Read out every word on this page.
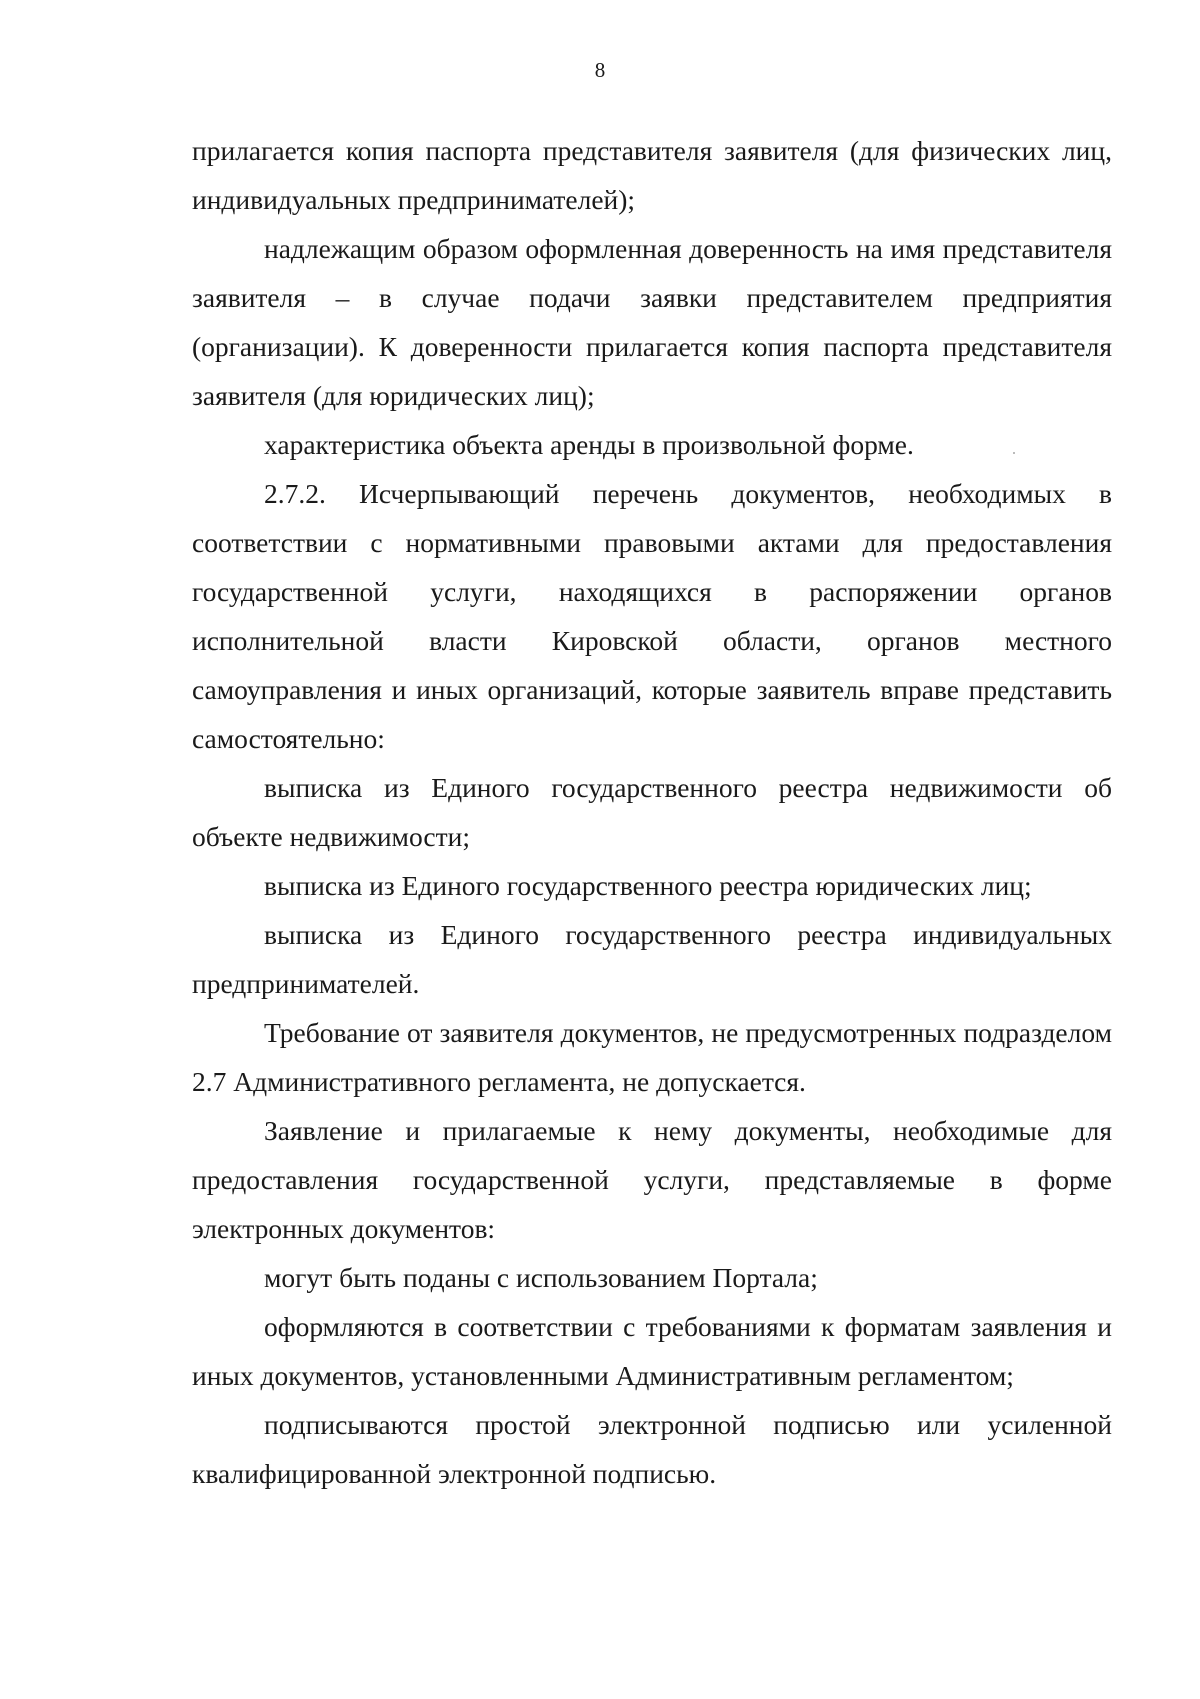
8

прилагается копия паспорта представителя заявителя (для физических лиц, индивидуальных предпринимателей);

надлежащим образом оформленная доверенность на имя представителя заявителя – в случае подачи заявки представителем предприятия (организации). К доверенности прилагается копия паспорта представителя заявителя (для юридических лиц);

характеристика объекта аренды в произвольной форме.

2.7.2. Исчерпывающий перечень документов, необходимых в соответствии с нормативными правовыми актами для предоставления государственной услуги, находящихся в распоряжении органов исполнительной власти Кировской области, органов местного самоуправления и иных организаций, которые заявитель вправе представить самостоятельно:

выписка из Единого государственного реестра недвижимости об объекте недвижимости;

выписка из Единого государственного реестра юридических лиц;

выписка из Единого государственного реестра индивидуальных предпринимателей.

Требование от заявителя документов, не предусмотренных подразделом 2.7 Административного регламента, не допускается.

Заявление и прилагаемые к нему документы, необходимые для предоставления государственной услуги, представляемые в форме электронных документов:

могут быть поданы с использованием Портала;

оформляются в соответствии с требованиями к форматам заявления и иных документов, установленными Административным регламентом;

подписываются простой электронной подписью или усиленной квалифицированной электронной подписью.
